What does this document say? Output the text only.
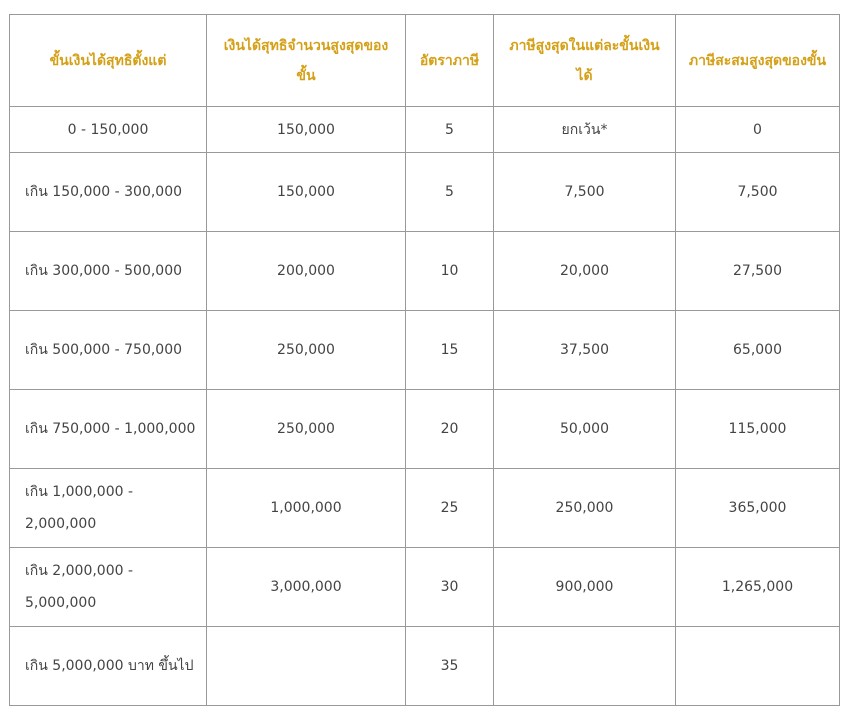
ขั้นเงินได้สุทธิตั้งแต่	เงินได้สุทธิจำนวนสูงสุดของขั้น	อัตราภาษี	ภาษีสูงสุดในแต่ละขั้นเงินได้	ภาษีสะสมสูงสุดของขั้น

0 - 150,000	150,000	5	ยกเว้น*	0
เกิน 150,000 - 300,000	150,000	5	7,500	7,500
เกิน 300,000 - 500,000	200,000	10	20,000	27,500
เกิน 500,000 - 750,000	250,000	15	37,500	65,000
เกิน 750,000 - 1,000,000	250,000	20	50,000	115,000
เกิน 1,000,000 - 2,000,000	1,000,000	25	250,000	365,000
เกิน 2,000,000 - 5,000,000	3,000,000	30	900,000	1,265,000
เกิน 5,000,000 บาท ขึ้นไป		35		
